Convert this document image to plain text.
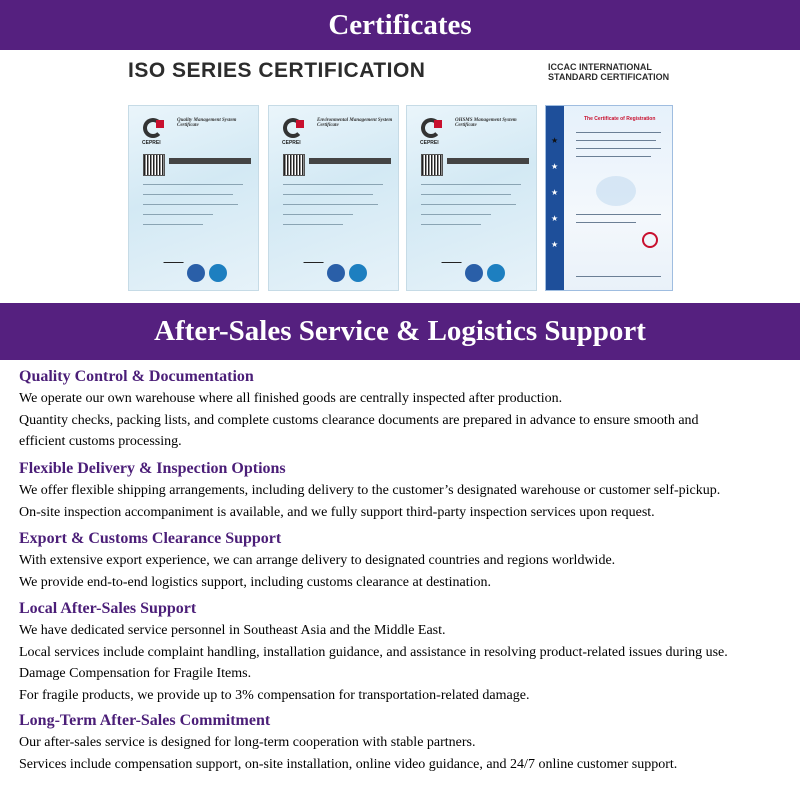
Certificates
ISO SERIES CERTIFICATION	ICCAC INTERNATIONAL
STANDARD CERTIFICATION
CEPREI
Quality Management System Certificate
CEPREI
Environmental Management System Certificate
CEPREI
OHSMS Management System Certificate
★
★
★
★
★
The Certificate of Registration
After-Sales Service & Logistics Support

Quality Control & Documentation

We operate our own warehouse where all finished goods are centrally inspected after production.

Quantity checks, packing lists, and complete customs clearance documents are prepared in advance to ensure smooth and

efficient customs processing.

Flexible Delivery & Inspection Options

We offer flexible shipping arrangements, including delivery to the customer’s designated warehouse or customer self-pickup.

On-site inspection accompaniment is available, and we fully support third-party inspection services upon request.

Export & Customs Clearance Support

With extensive export experience, we can arrange delivery to designated countries and regions worldwide.

We provide end-to-end logistics support, including customs clearance at destination.

Local After-Sales Support

We have dedicated service personnel in Southeast Asia and the Middle East.

Local services include complaint handling, installation guidance, and assistance in resolving product-related issues during use.

Damage Compensation for Fragile Items.

For fragile products, we provide up to 3% compensation for transportation-related damage.

Long-Term After-Sales Commitment

Our after-sales service is designed for long-term cooperation with stable partners.

Services include compensation support, on-site installation, online video guidance, and 24/7 online customer support.
